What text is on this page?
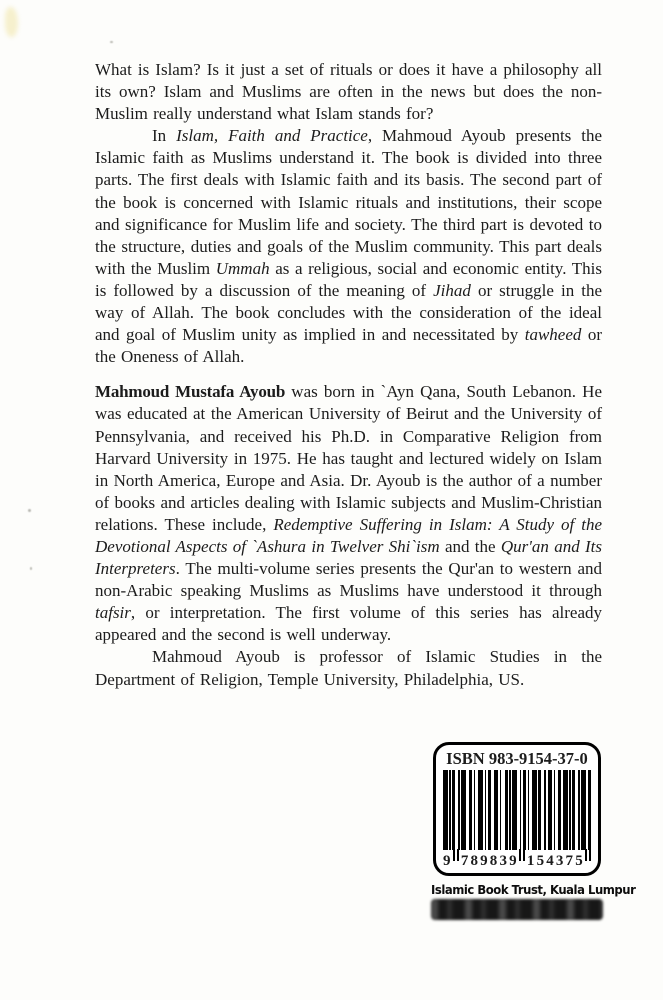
What is Islam? Is it just a set of rituals or does it have a philosophy all its own? Islam and Muslims are often in the news but does the non-Muslim really understand what Islam stands for?

In Islam, Faith and Practice, Mahmoud Ayoub presents the Islamic faith as Muslims understand it. The book is divided into three parts. The first deals with Islamic faith and its basis. The second part of the book is concerned with Islamic rituals and institutions, their scope and significance for Muslim life and society. The third part is devoted to the structure, duties and goals of the Muslim community. This part deals with the Muslim Ummah as a religious, social and economic entity. This is followed by a discussion of the meaning of Jihad or struggle in the way of Allah. The book concludes with the consideration of the ideal and goal of Muslim unity as implied in and necessitated by tawheed or the Oneness of Allah.

Mahmoud Mustafa Ayoub was born in `Ayn Qana, South Lebanon. He was educated at the American University of Beirut and the University of Pennsylvania, and received his Ph.D. in Comparative Religion from Harvard University in 1975. He has taught and lectured widely on Islam in North America, Europe and Asia. Dr. Ayoub is the author of a number of books and articles dealing with Islamic subjects and Muslim-Christian relations. These include, Redemptive Suffering in Islam: A Study of the Devotional Aspects of `Ashura in Twelver Shi`ism and the Qur'an and Its Interpreters. The multi-volume series presents the Qur'an to western and non-Arabic speaking Muslims as Muslims have understood it through tafsir, or interpretation. The first volume of this series has already appeared and the second is well underway.

Mahmoud Ayoub is professor of Islamic Studies in the Department of Religion, Temple University, Philadelphia, US.

ISBN 983-9154-37-0
9 7 8 9 8 3 9 1 5 4 3 7 5
Islamic Book Trust, Kuala Lumpur
